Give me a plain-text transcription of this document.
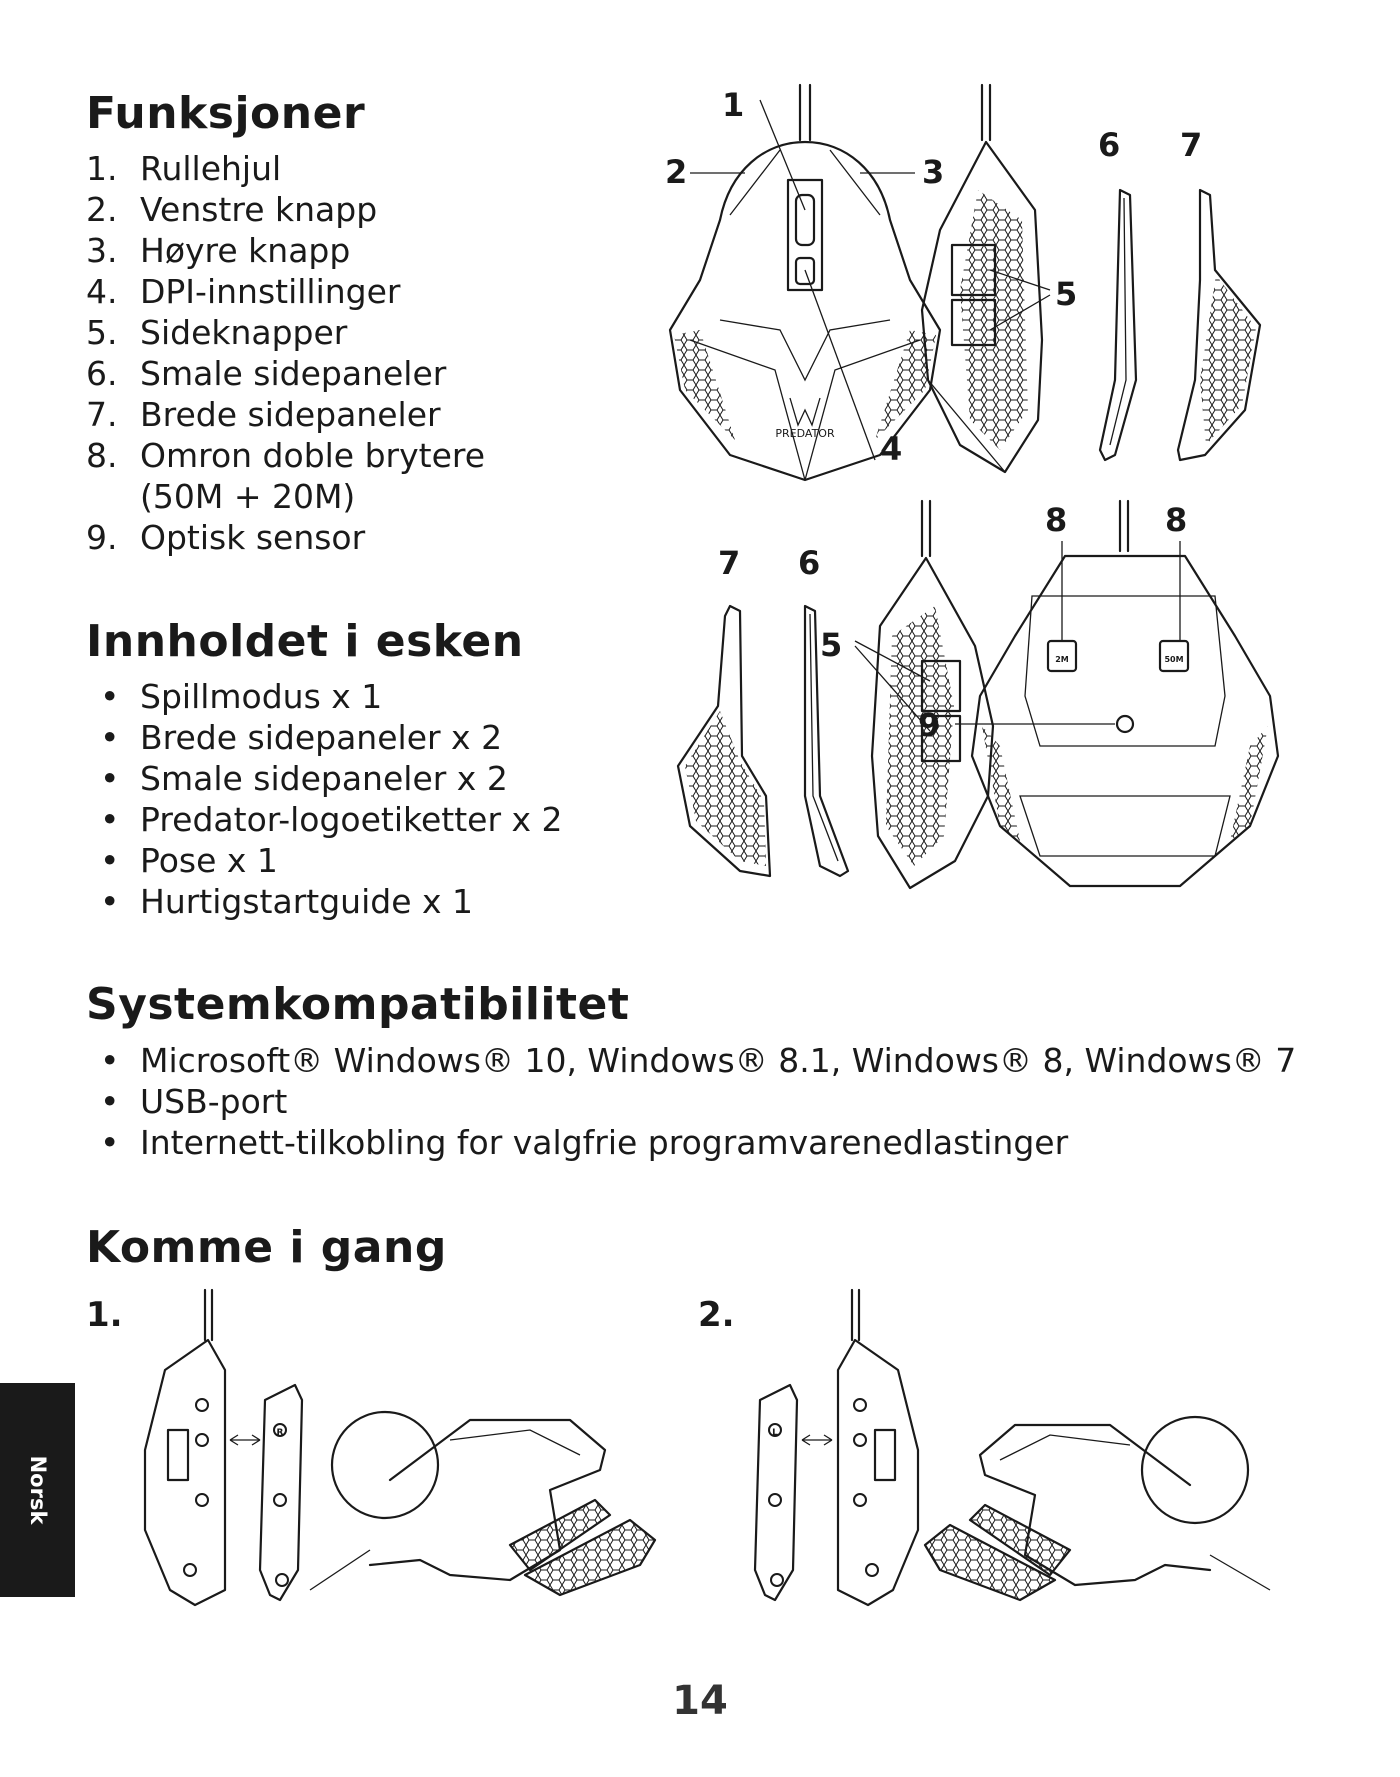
Funksjoner
1. Rullehjul
2. Venstre knapp
3. Høyre knapp
4. DPI-innstillinger
5. Sideknapper
6. Smale sidepaneler
7. Brede sidepaneler
8. Omron doble brytere
(50M + 20M)
9. Optisk sensor
Innholdet i esken
• Spillmodus x 1
• Brede sidepaneler x 2
• Smale sidepaneler x 2
• Predator-logoetiketter x 2
• Pose x 1
• Hurtigstartguide x 1
Systemkompatibilitet
• Microsoft® Windows® 10, Windows® 8.1, Windows® 8, Windows® 7
• USB-port
• Internett-tilkobling for valgfrie programvarenedlastinger
Komme i gang
1.	2.
PREDATOR
1
2	3
4
5
6 7
7 6
5	2M	50M
8	8
9
R	L
Norsk
14
